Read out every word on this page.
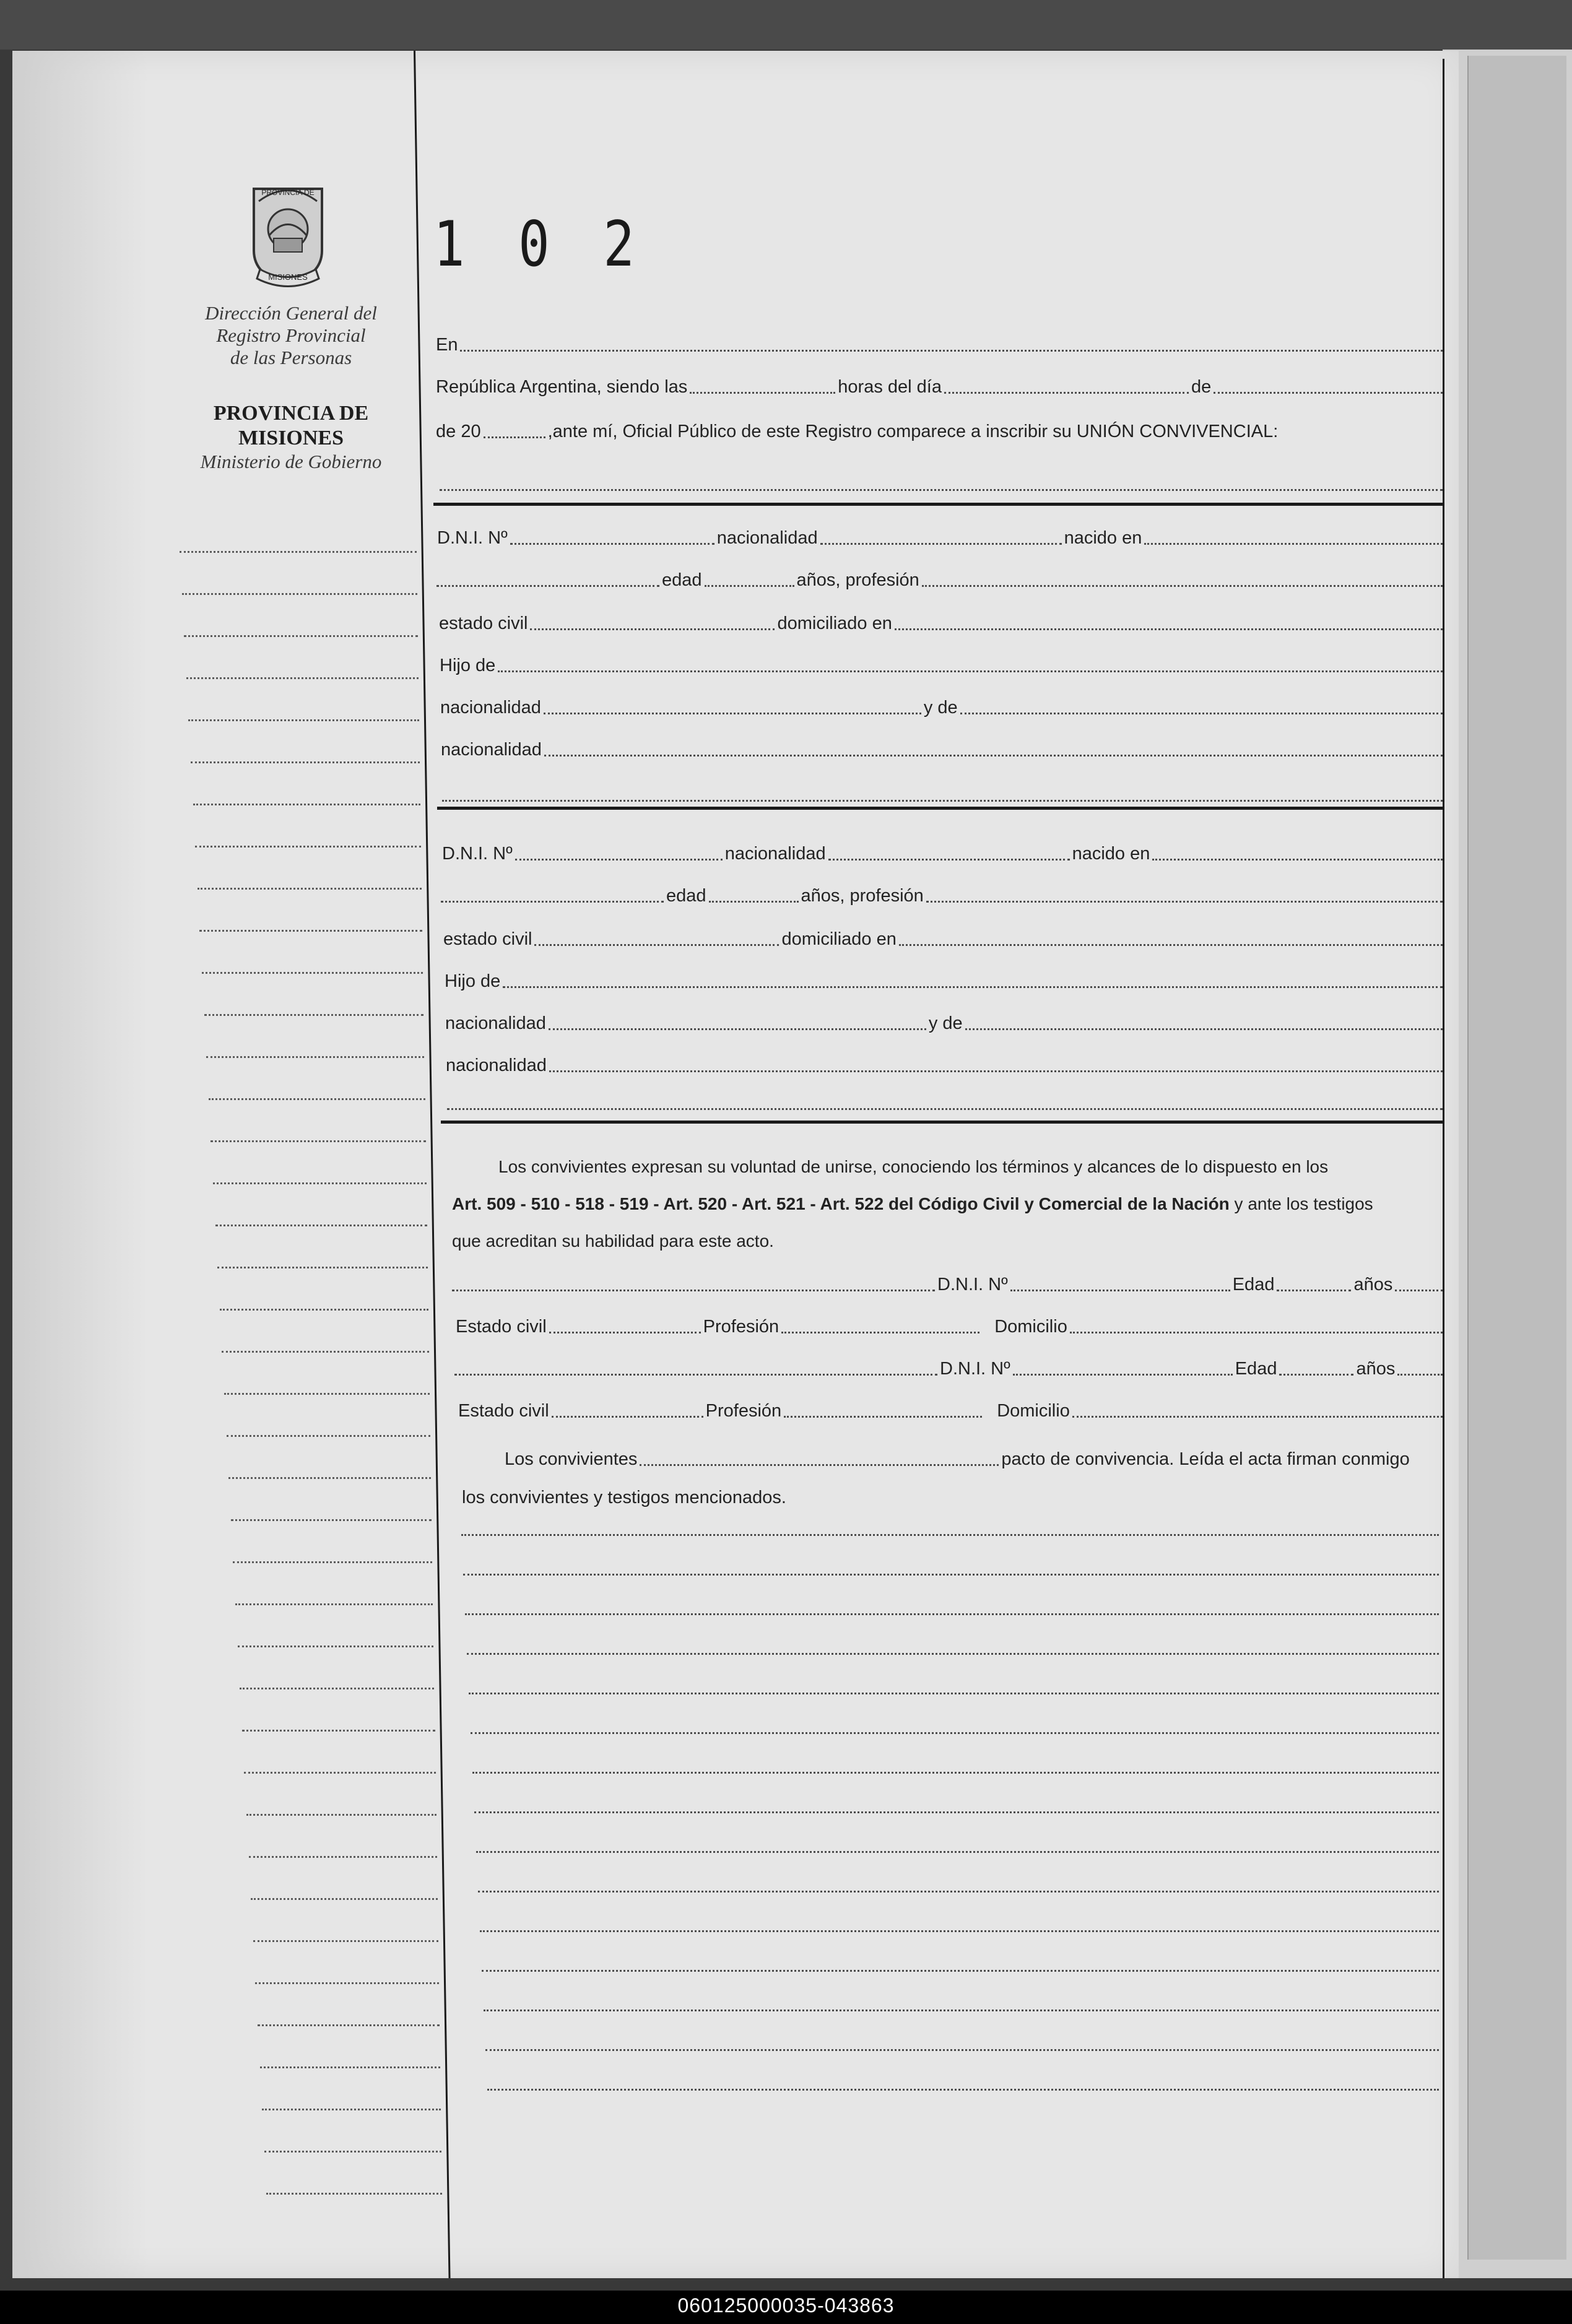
PROVINCIA DE
MISIONES
Dirección General del
Registro Provincial
de las Personas
PROVINCIA DE
MISIONES
Ministerio de Gobierno
1 0 2
En
República Argentina, siendo las	horas del día	de
de 20	,ante mí, Oficial Público de este Registro comparece a inscribir su UNIÓN CONVIVENCIAL:
D.N.I. Nº	nacionalidad	nacido en
edad	años, profesión
estado civil	domiciliado en
Hijo de
nacionalidad	y de
nacionalidad
D.N.I. Nº	nacionalidad	nacido en
edad	años, profesión
estado civil	domiciliado en
Hijo de
nacionalidad	y de
nacionalidad
Los convivientes expresan su voluntad de unirse, conociendo los términos y alcances de lo dispuesto en los
Art. 509 - 510 - 518 - 519 - Art. 520 - Art. 521 - Art. 522 del Código Civil y Comercial de la Nación y ante los testigos
que acreditan su habilidad para este acto.
D.N.I. Nº	Edad	años
Estado civil	Profesión	Domicilio
D.N.I. Nº	Edad	años
Estado civil	Profesión	Domicilio
Los convivientes	pacto de convivencia. Leída el acta firman conmigo
los convivientes y testigos mencionados.
060125000035-043863
